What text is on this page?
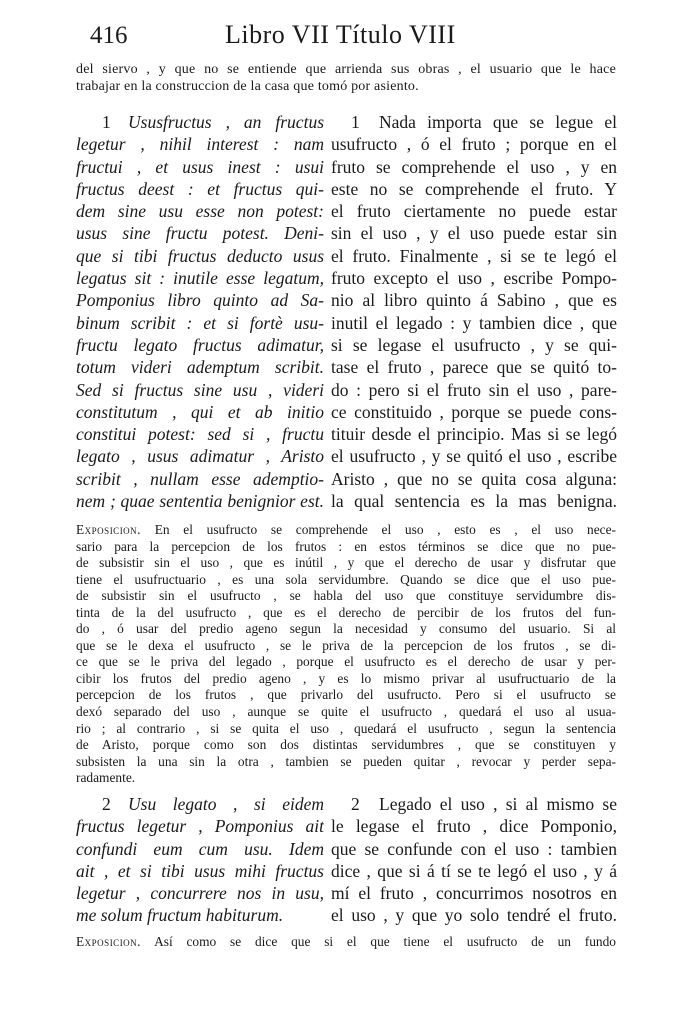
416	Libro VII Título VIII
del siervo , y que no se entiende que arrienda sus obras , el usuario que le hace
trabajar en la construccion de la casa que tomó por asiento.
1 Ususfructus , an fructus
legetur , nihil interest : nam
fructui , et usus inest : usui
fructus deest : et fructus qui-
dem sine usu esse non potest:
usus sine fructu potest. Deni-
que si tibi fructus deducto usus
legatus sit : inutile esse legatum,
Pomponius libro quinto ad Sa-
binum scribit : et si fortè usu-
fructu legato fructus adimatur,
totum videri ademptum scribit.
Sed si fructus sine usu , videri
constitutum , qui et ab initio
constitui potest: sed si , fructu
legato , usus adimatur , Aristo
scribit , nullam esse ademptio-
nem ; quae sententia benignior est.
1 Nada importa que se legue el
usufructo , ó el fruto ; porque en el
fruto se comprehende el uso , y en
este no se comprehende el fruto. Y
el fruto ciertamente no puede estar
sin el uso , y el uso puede estar sin
el fruto. Finalmente , si se te legó el
fruto excepto el uso , escribe Pompo-
nio al libro quinto á Sabino , que es
inutil el legado : y tambien dice , que
si se legase el usufructo , y se qui-
tase el fruto , parece que se quitó to-
do : pero si el fruto sin el uso , pare-
ce constituido , porque se puede cons-
tituir desde el principio. Mas si se legó
el usufructo , y se quitó el uso , escribe
Aristo , que no se quita cosa alguna:
la qual sentencia es la mas benigna.
Exposicion. En el usufructo se comprehende el uso , esto es , el uso nece-
sario para la percepcion de los frutos : en estos términos se dice que no pue-
de subsistir sin el uso , que es inútil , y que el derecho de usar y disfrutar que
tiene el usufructuario , es una sola servidumbre. Quando se dice que el uso pue-
de subsistir sin el usufructo , se habla del uso que constituye servidumbre dis-
tinta de la del usufructo , que es el derecho de percibir de los frutos del fun-
do , ó usar del predio ageno segun la necesidad y consumo del usuario. Si al
que se le dexa el usufructo , se le priva de la percepcion de los frutos , se di-
ce que se le priva del legado , porque el usufructo es el derecho de usar y per-
cibir los frutos del predio ageno , y es lo mismo privar al usufructuario de la
percepcion de los frutos , que privarlo del usufructo. Pero si el usufructo se
dexó separado del uso , aunque se quite el usufructo , quedará el uso al usua-
rio ; al contrario , si se quita el uso , quedará el usufructo , segun la sentencia
de Aristo, porque como son dos distintas servidumbres , que se constituyen y
subsisten la una sin la otra , tambien se pueden quitar , revocar y perder sepa-
radamente.
2 Usu legato , si eidem
fructus legetur , Pomponius ait
confundi eum cum usu. Idem
ait , et si tibi usus mihi fructus
legetur , concurrere nos in usu,
me solum fructum habiturum.
2 Legado el uso , si al mismo se
le legase el fruto , dice Pomponio,
que se confunde con el uso : tambien
dice , que si á tí se te legó el uso , y á
mí el fruto , concurrimos nosotros en
el uso , y que yo solo tendré el fruto.
Exposicion. Así como se dice que si el que tiene el usufructo de un fundo
